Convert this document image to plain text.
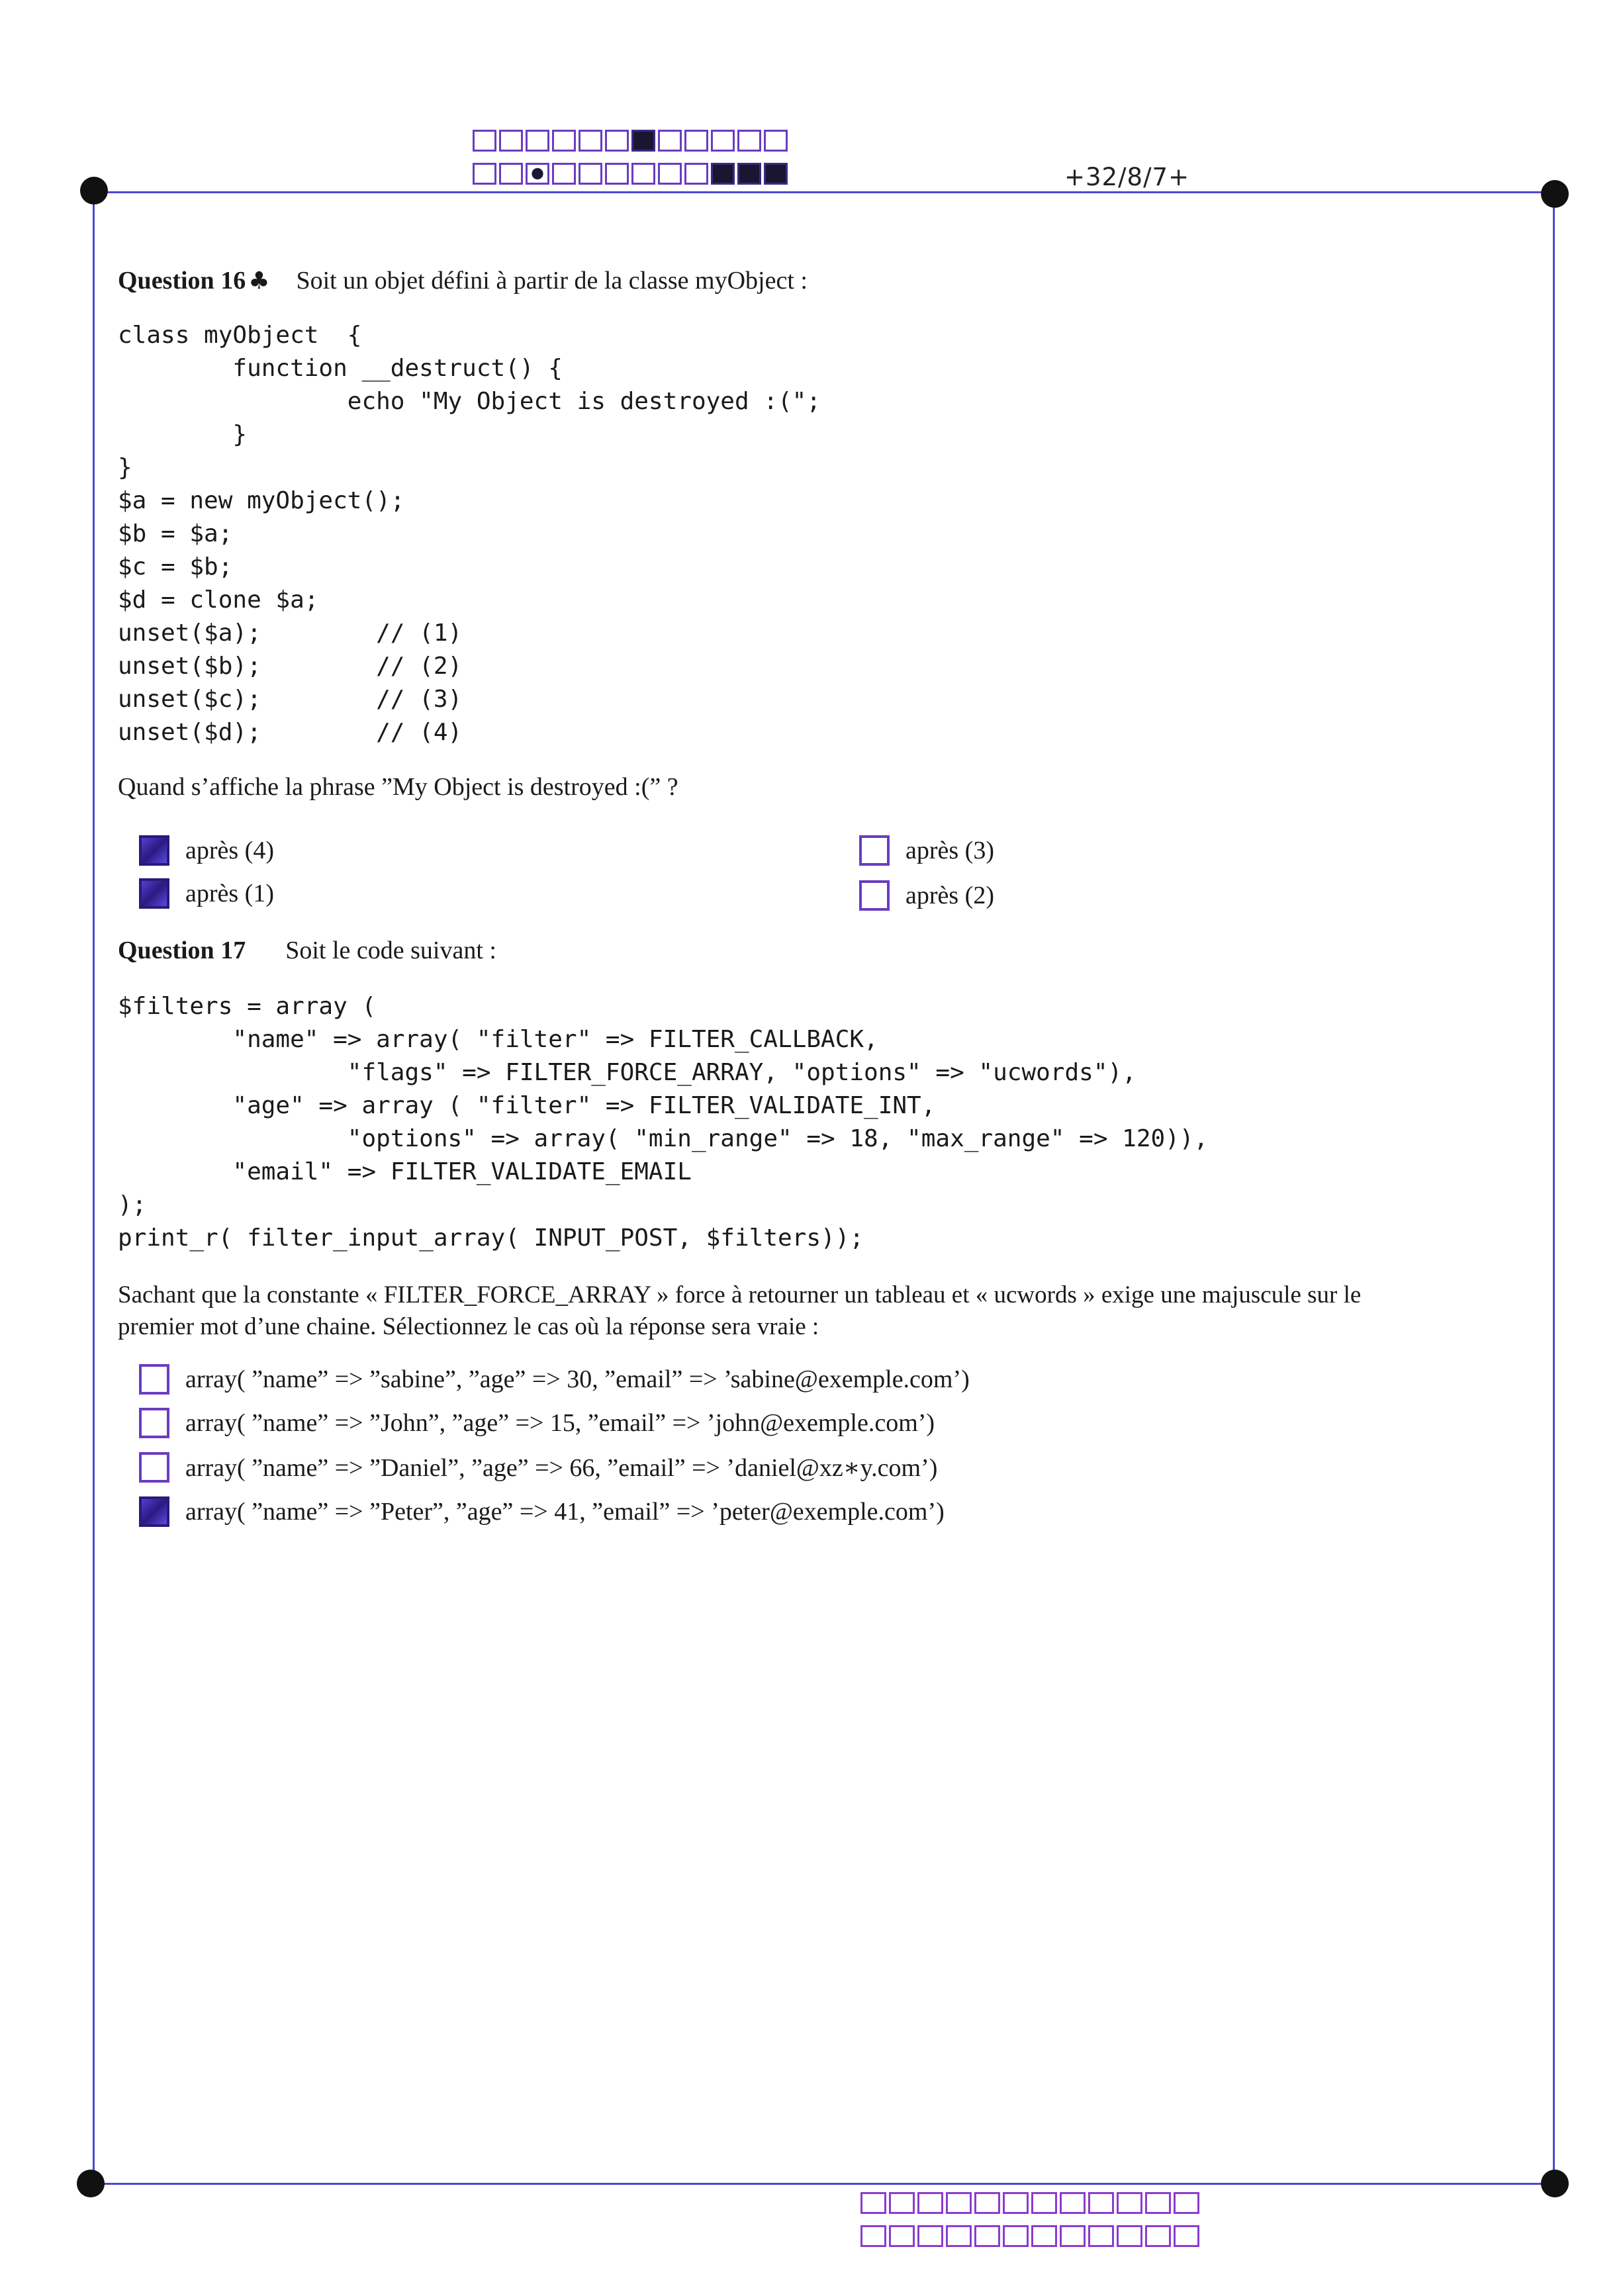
+32/8/7+
Question 16 ♣ Soit un objet défini à partir de la classe myObject :
class myObject  {
function __destruct() {
echo "My Object is destroyed :(";
}
}
$a = new myObject();
$b = $a;
$c = $b;
$d = clone $a;
unset($a);        // (1)
unset($b);        // (2)
unset($c);        // (3)
unset($d);        // (4)
Quand s’affiche la phrase ”My Object is destroyed :(” ?
après (4)	après (3)
après (1)	après (2)
Question 17 Soit le code suivant :
$filters = array (
"name" => array( "filter" => FILTER_CALLBACK,
"flags" => FILTER_FORCE_ARRAY, "options" => "ucwords"),
"age" => array ( "filter" => FILTER_VALIDATE_INT,
"options" => array( "min_range" => 18, "max_range" => 120)),
"email" => FILTER_VALIDATE_EMAIL
);
print_r( filter_input_array( INPUT_POST, $filters));
Sachant que la constante « FILTER_FORCE_ARRAY » force à retourner un tableau et « ucwords » exige une majuscule sur le
premier mot d’une chaine. Sélectionnez le cas où la réponse sera vraie :
array( ”name” => ”sabine”, ”age” => 30, ”email” => ’sabine@exemple.com’)
array( ”name” => ”John”, ”age” => 15, ”email” => ’john@exemple.com’)
array( ”name” => ”Daniel”, ”age” => 66, ”email” => ’daniel@xz∗y.com’)
array( ”name” => ”Peter”, ”age” => 41, ”email” => ’peter@exemple.com’)
